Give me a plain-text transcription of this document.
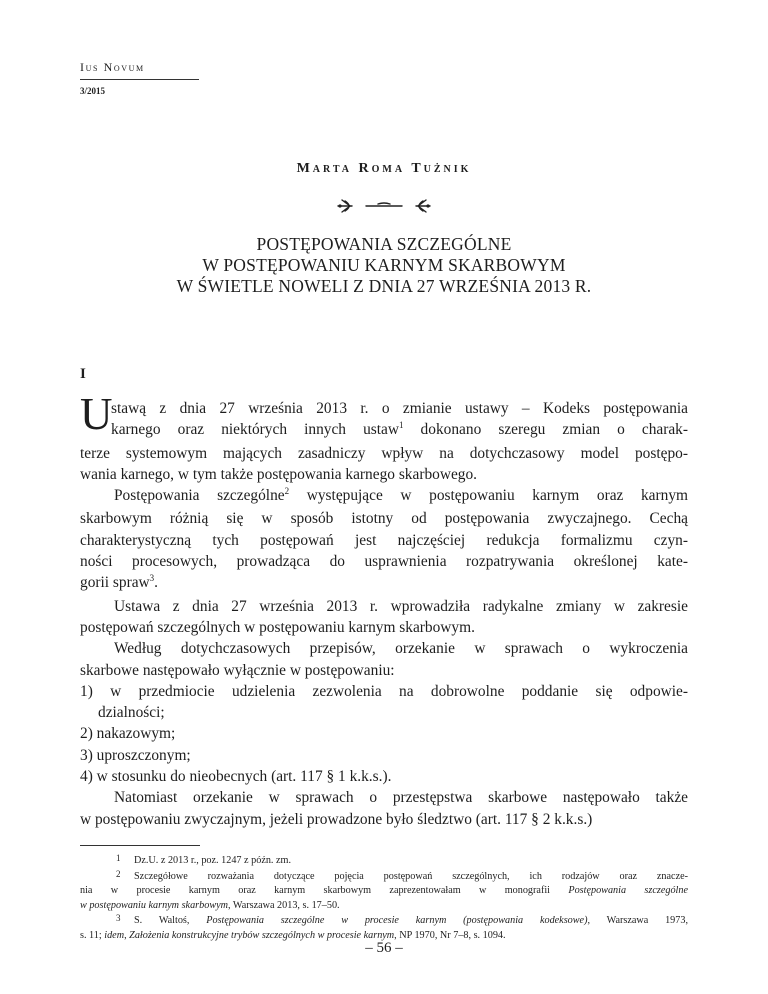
Ius Novum
3/2015
Marta Roma Tużnik
POSTĘPOWANIA SZCZEGÓLNE
W POSTĘPOWANIU KARNYM SKARBOWYM
W ŚWIETLE NOWELI Z DNIA 27 WRZEŚNIA 2013 R.
I
U
stawą z dnia 27 września 2013 r. o zmianie ustawy – Kodeks postępowania
karnego oraz niektórych innych ustaw$^1$ dokonano szeregu zmian o charak-
terze systemowym mających zasadniczy wpływ na dotychczasowy model postępo-
wania karnego, w tym także postępowania karnego skarbowego.
Postępowania szczególne$^2$ występujące w postępowaniu karnym oraz karnym
skarbowym różnią się w sposób istotny od postępowania zwyczajnego. Cechą
charakterystyczną tych postępowań jest najczęściej redukcja formalizmu czyn-
ności procesowych, prowadząca do usprawnienia rozpatrywania określonej kate-
gorii spraw$^3$.
Ustawa z dnia 27 września 2013 r. wprowadziła radykalne zmiany w zakresie
postępowań szczególnych w postępowaniu karnym skarbowym.
Według dotychczasowych przepisów, orzekanie w sprawach o wykroczenia
skarbowe następowało wyłącznie w postępowaniu:
1) w przedmiocie udzielenia zezwolenia na dobrowolne poddanie się odpowie-
dzialności;
2) nakazowym;
3) uproszczonym;
4) w stosunku do nieobecnych (art. 117 § 1 k.k.s.).
Natomiast orzekanie w sprawach o przestępstwa skarbowe następowało także
w postępowaniu zwyczajnym, jeżeli prowadzone było śledztwo (art. 117 § 2 k.k.s.)
1 Dz.U. z 2013 r., poz. 1247 z późn. zm.
2 Szczegółowe rozważania dotyczące pojęcia postępowań szczególnych, ich rodzajów oraz znacze-
nia w procesie karnym oraz karnym skarbowym zaprezentowałam w monografii Postępowania szczególne
w postępowaniu karnym skarbowym, Warszawa 2013, s. 17–50.
3 S. Waltoś, Postępowania szczególne w procesie karnym (postępowania kodeksowe), Warszawa 1973,
s. 11; idem, Założenia konstrukcyjne trybów szczególnych w procesie karnym, NP 1970, Nr 7–8, s. 1094.
– 56 –
